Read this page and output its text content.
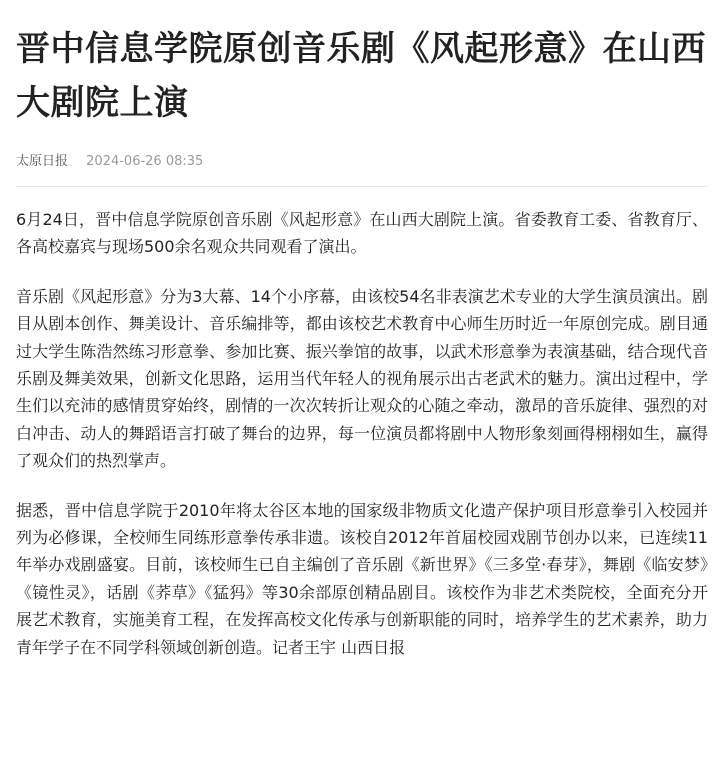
晋中信息学院原创音乐剧《风起形意》在山西大剧院上演
太原日报 2024-06-26 08:35

6月24日，晋中信息学院原创音乐剧《风起形意》在山西大剧院上演。省委教育工委、省教育厅、各高校嘉宾与现场500余名观众共同观看了演出。

音乐剧《风起形意》分为3大幕、14个小序幕，由该校54名非表演艺术专业的大学生演员演出。剧目从剧本创作、舞美设计、音乐编排等，都由该校艺术教育中心师生历时近一年原创完成。剧目通过大学生陈浩然练习形意拳、参加比赛、振兴拳馆的故事，以武术形意拳为表演基础，结合现代音乐剧及舞美效果，创新文化思路，运用当代年轻人的视角展示出古老武术的魅力。演出过程中，学生们以充沛的感情贯穿始终，剧情的一次次转折让观众的心随之牵动，激昂的音乐旋律、强烈的对白冲击、动人的舞蹈语言打破了舞台的边界，每一位演员都将剧中人物形象刻画得栩栩如生，赢得了观众们的热烈掌声。

据悉，晋中信息学院于2010年将太谷区本地的国家级非物质文化遗产保护项目形意拳引入校园并列为必修课，全校师生同练形意拳传承非遗。该校自2012年首届校园戏剧节创办以来，已连续11年举办戏剧盛宴。目前，该校师生已自主编创了音乐剧《新世界》《三多堂·春芽》，舞剧《临安梦》《镜性灵》，话剧《荞草》《猛犸》等30余部原创精品剧目。该校作为非艺术类院校，全面充分开展艺术教育，实施美育工程，在发挥高校文化传承与创新职能的同时，培养学生的艺术素养，助力青年学子在不同学科领域创新创造。记者王宇 山西日报
